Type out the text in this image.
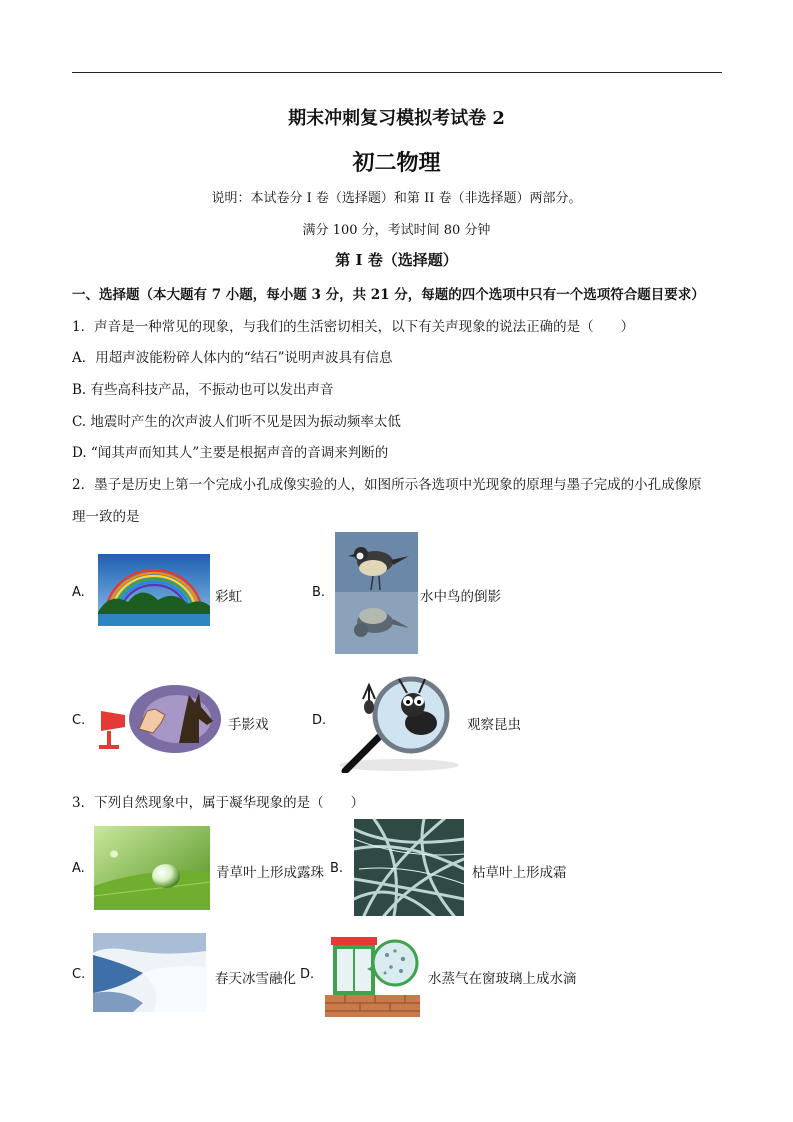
期末冲刺复习模拟考试卷 2
初二物理
说明：本试卷分 I 卷（选择题）和第 II 卷（非选择题）两部分。
满分 100 分，考试时间 80 分钟
第 I 卷（选择题）
一、选择题（本大题有 7 小题，每小题 3 分，共 21 分，每题的四个选项中只有一个选项符合题目要求）
1．声音是一种常见的现象，与我们的生活密切相关，以下有关声现象的说法正确的是（　　）
A．用超声波能粉碎人体内的“结石”说明声波具有信息
B. 有些高科技产品，不振动也可以发出声音
C. 地震时产生的次声波人们听不见是因为振动频率太低
D. “闻其声而知其人”主要是根据声音的音调来判断的
2．墨子是历史上第一个完成小孔成像实验的人，如图所示各选项中光现象的原理与墨子完成的小孔成像原
理一致的是
A.	彩虹	B.	水中鸟的倒影
C.	手影戏	D.	观察昆虫
3．下列自然现象中，属于凝华现象的是（　　）
A.	青草叶上形成露珠 B.	枯草叶上形成霜
C.	春天冰雪融化 D.	水蒸气在窗玻璃上成水滴
